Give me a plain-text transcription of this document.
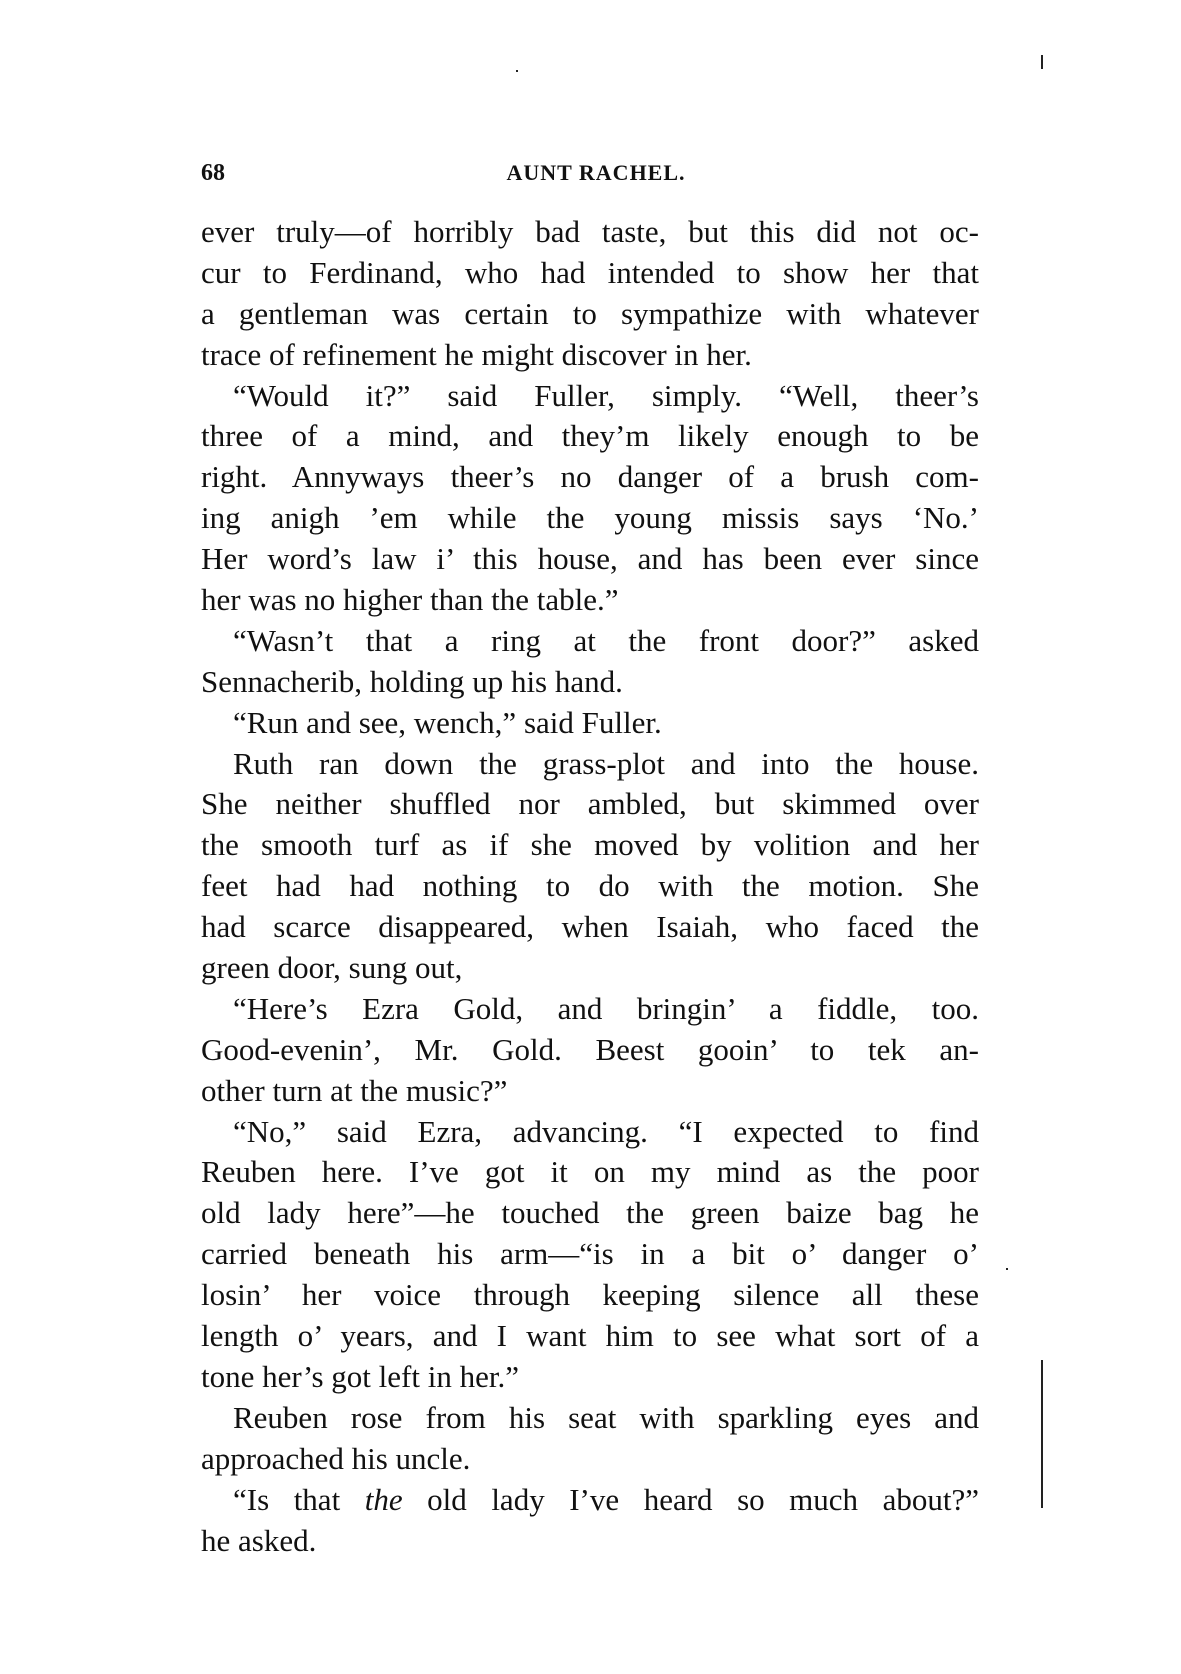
68	AUNT RACHEL.
ever truly—of horribly bad taste, but this did not oc-
cur to Ferdinand, who had intended to show her that
a gentleman was certain to sympathize with whatever
trace of refinement he might discover in her.
“Would it?” said Fuller, simply. “Well, theer’s
three of a mind, and they’m likely enough to be
right. Annyways theer’s no danger of a brush com-
ing anigh ’em while the young missis says ‘No.’
Her word’s law i’ this house, and has been ever since
her was no higher than the table.”
“Wasn’t that a ring at the front door?” asked
Sennacherib, holding up his hand.
“Run and see, wench,” said Fuller.
Ruth ran down the grass-plot and into the house.
She neither shuffled nor ambled, but skimmed over
the smooth turf as if she moved by volition and her
feet had had nothing to do with the motion. She
had scarce disappeared, when Isaiah, who faced the
green door, sung out,
“Here’s Ezra Gold, and bringin’ a fiddle, too.
Good-evenin’, Mr. Gold. Beest gooin’ to tek an-
other turn at the music?”
“No,” said Ezra, advancing. “I expected to find
Reuben here. I’ve got it on my mind as the poor
old lady here”—he touched the green baize bag he
carried beneath his arm—“is in a bit o’ danger o’
losin’ her voice through keeping silence all these
length o’ years, and I want him to see what sort of a
tone her’s got left in her.”
Reuben rose from his seat with sparkling eyes and
approached his uncle.
“Is that the old lady I’ve heard so much about?”
he asked.
